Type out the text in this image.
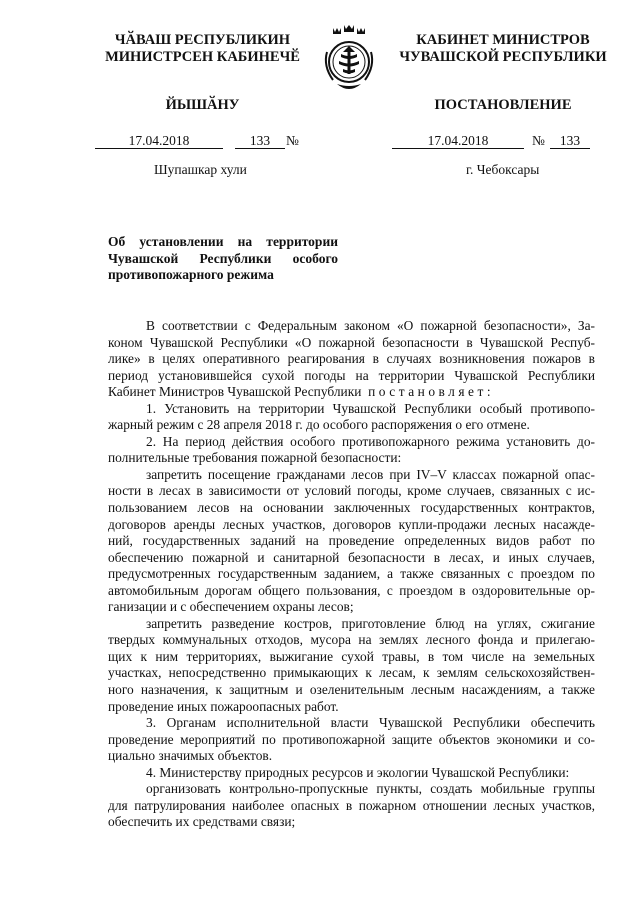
ЧӐВАШ РЕСПУБЛИКИН
МИНИСТРСЕН КАБИНЕЧӖ
ЙЫШӐНУ
КАБИНЕТ МИНИСТРОВ
ЧУВАШСКОЙ РЕСПУБЛИКИ
ПОСТАНОВЛЕНИЕ
17.04.2018	133	№
Шупашкар хули
17.04.2018	№	133
г. Чебоксары
Об установлении на территории
Чувашской Республики особого
противопожарного режима
В соответствии с Федеральным законом «О пожарной безопасности», За-
коном Чувашской Республики «О пожарной безопасности в Чувашской Респуб-
лике» в целях оперативного реагирования в случаях возникновения пожаров в
период установившейся сухой погоды на территории Чувашской Республики
Кабинет Министров Чувашской Республики постановляет:
1. Установить на территории Чувашской Республики особый противопо-
жарный режим с 28 апреля 2018 г. до особого распоряжения о его отмене.
2. На период действия особого противопожарного режима установить до-
полнительные требования пожарной безопасности:
запретить посещение гражданами лесов при IV–V классах пожарной опас-
ности в лесах в зависимости от условий погоды, кроме случаев, связанных с ис-
пользованием лесов на основании заключенных государственных контрактов,
договоров аренды лесных участков, договоров купли-продажи лесных насажде-
ний, государственных заданий на проведение определенных видов работ по
обеспечению пожарной и санитарной безопасности в лесах, и иных случаев,
предусмотренных государственным заданием, а также связанных с проездом по
автомобильным дорогам общего пользования, с проездом в оздоровительные ор-
ганизации и с обеспечением охраны лесов;
запретить разведение костров, приготовление блюд на углях, сжигание
твердых коммунальных отходов, мусора на землях лесного фонда и прилегаю-
щих к ним территориях, выжигание сухой травы, в том числе на земельных
участках, непосредственно примыкающих к лесам, к землям сельскохозяйствен-
ного назначения, к защитным и озеленительным лесным насаждениям, а также
проведение иных пожароопасных работ.
3. Органам исполнительной власти Чувашской Республики обеспечить
проведение мероприятий по противопожарной защите объектов экономики и со-
циально значимых объектов.
4. Министерству природных ресурсов и экологии Чувашской Республики:
организовать контрольно-пропускные пункты, создать мобильные группы
для патрулирования наиболее опасных в пожарном отношении лесных участков,
обеспечить их средствами связи;
